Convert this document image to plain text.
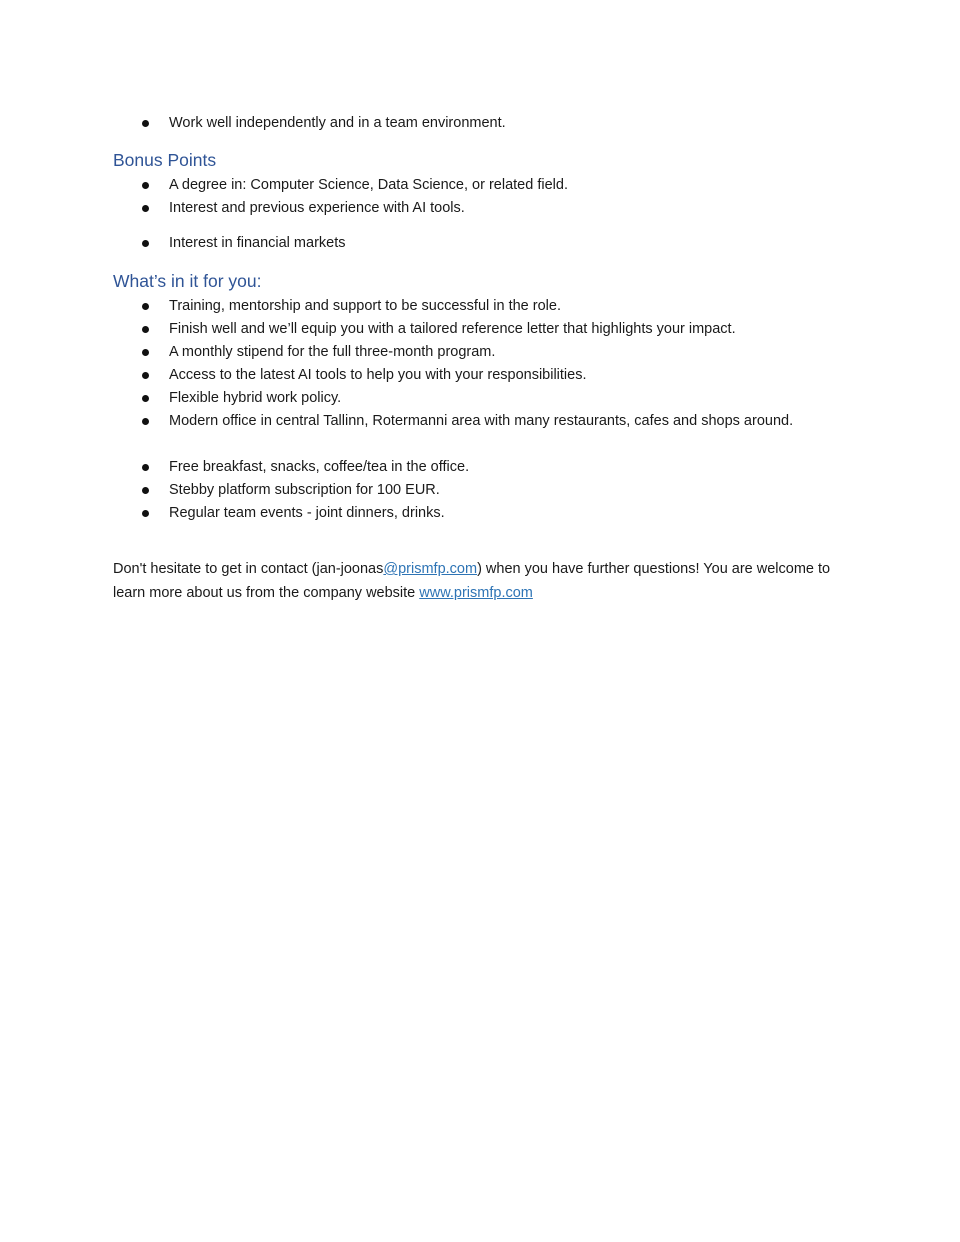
Work well independently and in a team environment.
Bonus Points
A degree in: Computer Science, Data Science, or related field.
Interest and previous experience with AI tools.
Interest in financial markets
What’s in it for you:
Training, mentorship and support to be successful in the role.
Finish well and we’ll equip you with a tailored reference letter that highlights your impact.
A monthly stipend for the full three-month program.
Access to the latest AI tools to help you with your responsibilities.
Flexible hybrid work policy.
Modern office in central Tallinn, Rotermanni area with many restaurants, cafes and shops around.
Free breakfast, snacks, coffee/tea in the office.
Stebby platform subscription for 100 EUR.
Regular team events - joint dinners, drinks.

Don't hesitate to get in contact (jan-joonas@prismfp.com) when you have further questions! You are welcome to learn more about us from the company website www.prismfp.com
